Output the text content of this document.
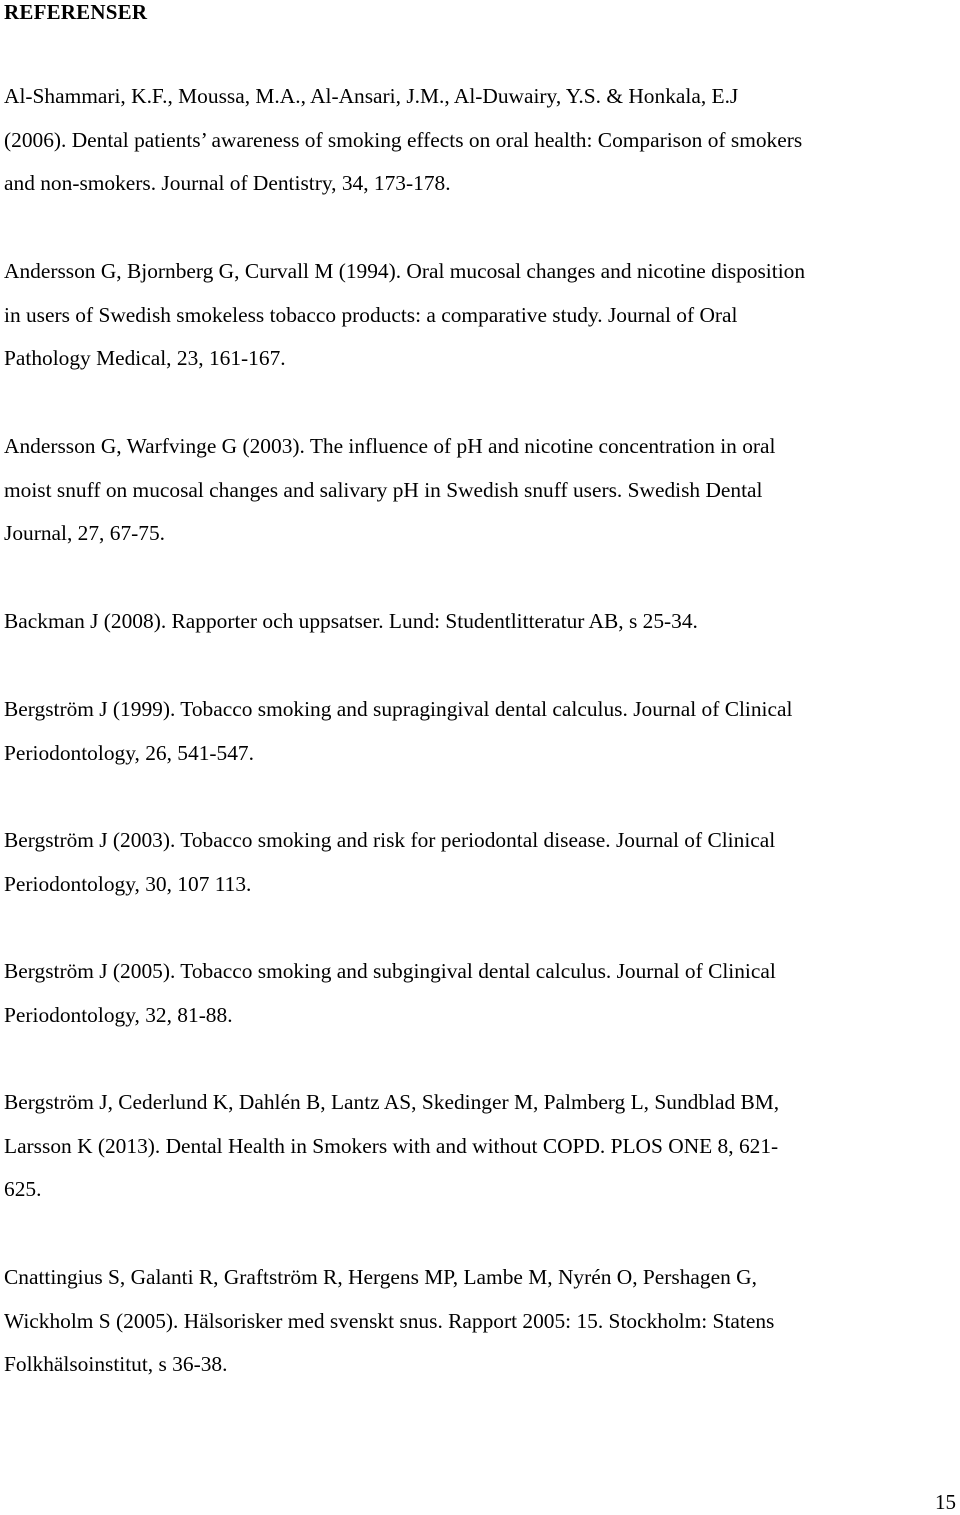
REFERENSER

Al-Shammari, K.F., Moussa, M.A., Al-Ansari, J.M., Al-Duwairy, Y.S. & Honkala, E.J
(2006). Dental patients’ awareness of smoking effects on oral health: Comparison of smokers
and non-smokers. Journal of Dentistry, 34, 173-178.

Andersson G, Bjornberg G, Curvall M (1994). Oral mucosal changes and nicotine disposition
in users of Swedish smokeless tobacco products: a comparative study. Journal of Oral
Pathology Medical, 23, 161-167.

Andersson G, Warfvinge G (2003). The influence of pH and nicotine concentration in oral
moist snuff on mucosal changes and salivary pH in Swedish snuff users. Swedish Dental
Journal, 27, 67-75.

Backman J (2008). Rapporter och uppsatser. Lund: Studentlitteratur AB, s 25-34.

Bergström J (1999). Tobacco smoking and supragingival dental calculus. Journal of Clinical
Periodontology, 26, 541-547.

Bergström J (2003). Tobacco smoking and risk for periodontal disease. Journal of Clinical
Periodontology, 30, 107 113.

Bergström J (2005). Tobacco smoking and subgingival dental calculus. Journal of Clinical
Periodontology, 32, 81-88.

Bergström J, Cederlund K, Dahlén B, Lantz AS, Skedinger M, Palmberg L, Sundblad BM,
Larsson K (2013). Dental Health in Smokers with and without COPD. PLOS ONE 8, 621-
625.

Cnattingius S, Galanti R, Graftström R, Hergens MP, Lambe M, Nyrén O, Pershagen G,
Wickholm S (2005). Hälsorisker med svenskt snus. Rapport 2005: 15. Stockholm: Statens
Folkhälsoinstitut, s 36-38.

15
